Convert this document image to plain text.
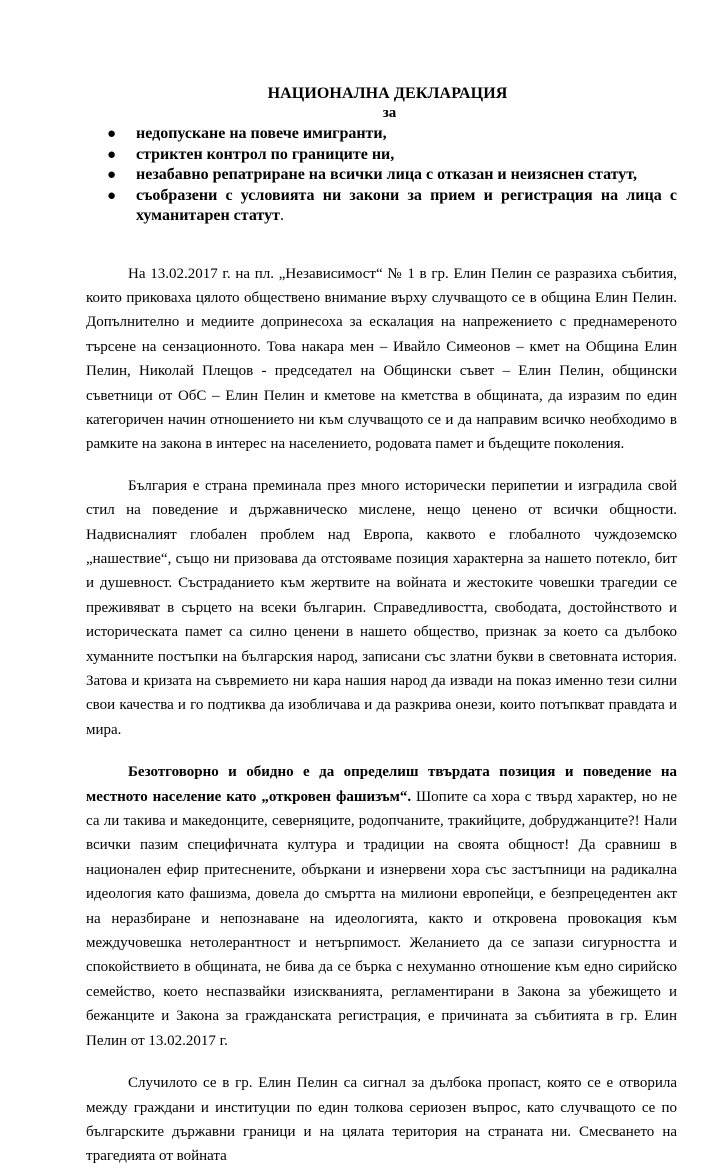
НАЦИОНАЛНА ДЕКЛАРАЦИЯ
за
● недопускане на повече имигранти,
● стриктен контрол по границите ни,
● незабавно репатриране на всички лица с отказан и неизяснен статут,
● съобразени с условията ни закони за прием и регистрация на лица с хуманитарен статут.

На 13.02.2017 г. на пл. „Независимост“ № 1 в гр. Елин Пелин се разразиха събития, които приковаха цялото обществено внимание върху случващото се в община Елин Пелин. Допълнително и медиите допринесоха за ескалация на напрежението с преднамереното търсене на сензационното. Това накара мен – Ивайло Симеонов – кмет на Община Елин Пелин, Николай Плещов - председател на Общински съвет – Елин Пелин, общински съветници от ОбС – Елин Пелин и кметове на кметства в общината, да изразим по един категоричен начин отношението ни към случващото се и да направим всичко необходимо в рамките на закона в интерес на населението, родовата памет и бъдещите поколения.

България е страна преминала през много исторически перипетии и изградила свой стил на поведение и държавническо мислене, нещо ценено от всички общности. Надвисналият глобален проблем над Европа, каквото е глобалното чуждоземско „нашествие“, също ни призовава да отстояваме позиция характерна за нашето потекло, бит и душевност. Състраданието към жертвите на войната и жестоките човешки трагедии се преживяват в сърцето на всеки българин. Справедливостта, свободата, достойнството и историческата памет са силно ценени в нашето общество, признак за което са дълбоко хуманните постъпки на българския народ, записани със златни букви в световната история. Затова и кризата на съвремието ни кара нашия народ да извади на показ именно тези силни свои качества и го подтиква да изобличава и да разкрива онези, които потъпкват правдата и мира.

Безотговорно и обидно е да определиш твърдата позиция и поведение на местното население като „откровен фашизъм“. Шопите са хора с твърд характер, но не са ли такива и македонците, северняците, родопчаните, тракийците, добруджанците?! Нали всички пазим специфичната култура и традиции на своята общност! Да сравниш в национален ефир притеснените, объркани и изнервени хора със застъпници на радикална идеология като фашизма, довела до смъртта на милиони европейци, е безпрецедентен акт на неразбиране и непознаване на идеологията, както и откровена провокация към междучовешка нетолерантност и нетърпимост. Желанието да се запази сигурността и спокойствието в общината, не бива да се бърка с нехуманно отношение към едно сирийско семейство, което неспазвайки изискванията, регламентирани в Закона за убежището и бежанците и Закона за гражданската регистрация, е причината за събитията в гр. Елин Пелин от 13.02.2017 г.

Случилото се в гр. Елин Пелин са сигнал за дълбока пропаст, която се е отворила между граждани и институции по един толкова сериозен въпрос, като случващото се по българските държавни граници и на цялата територия на страната ни. Смесването на трагедията от войната
